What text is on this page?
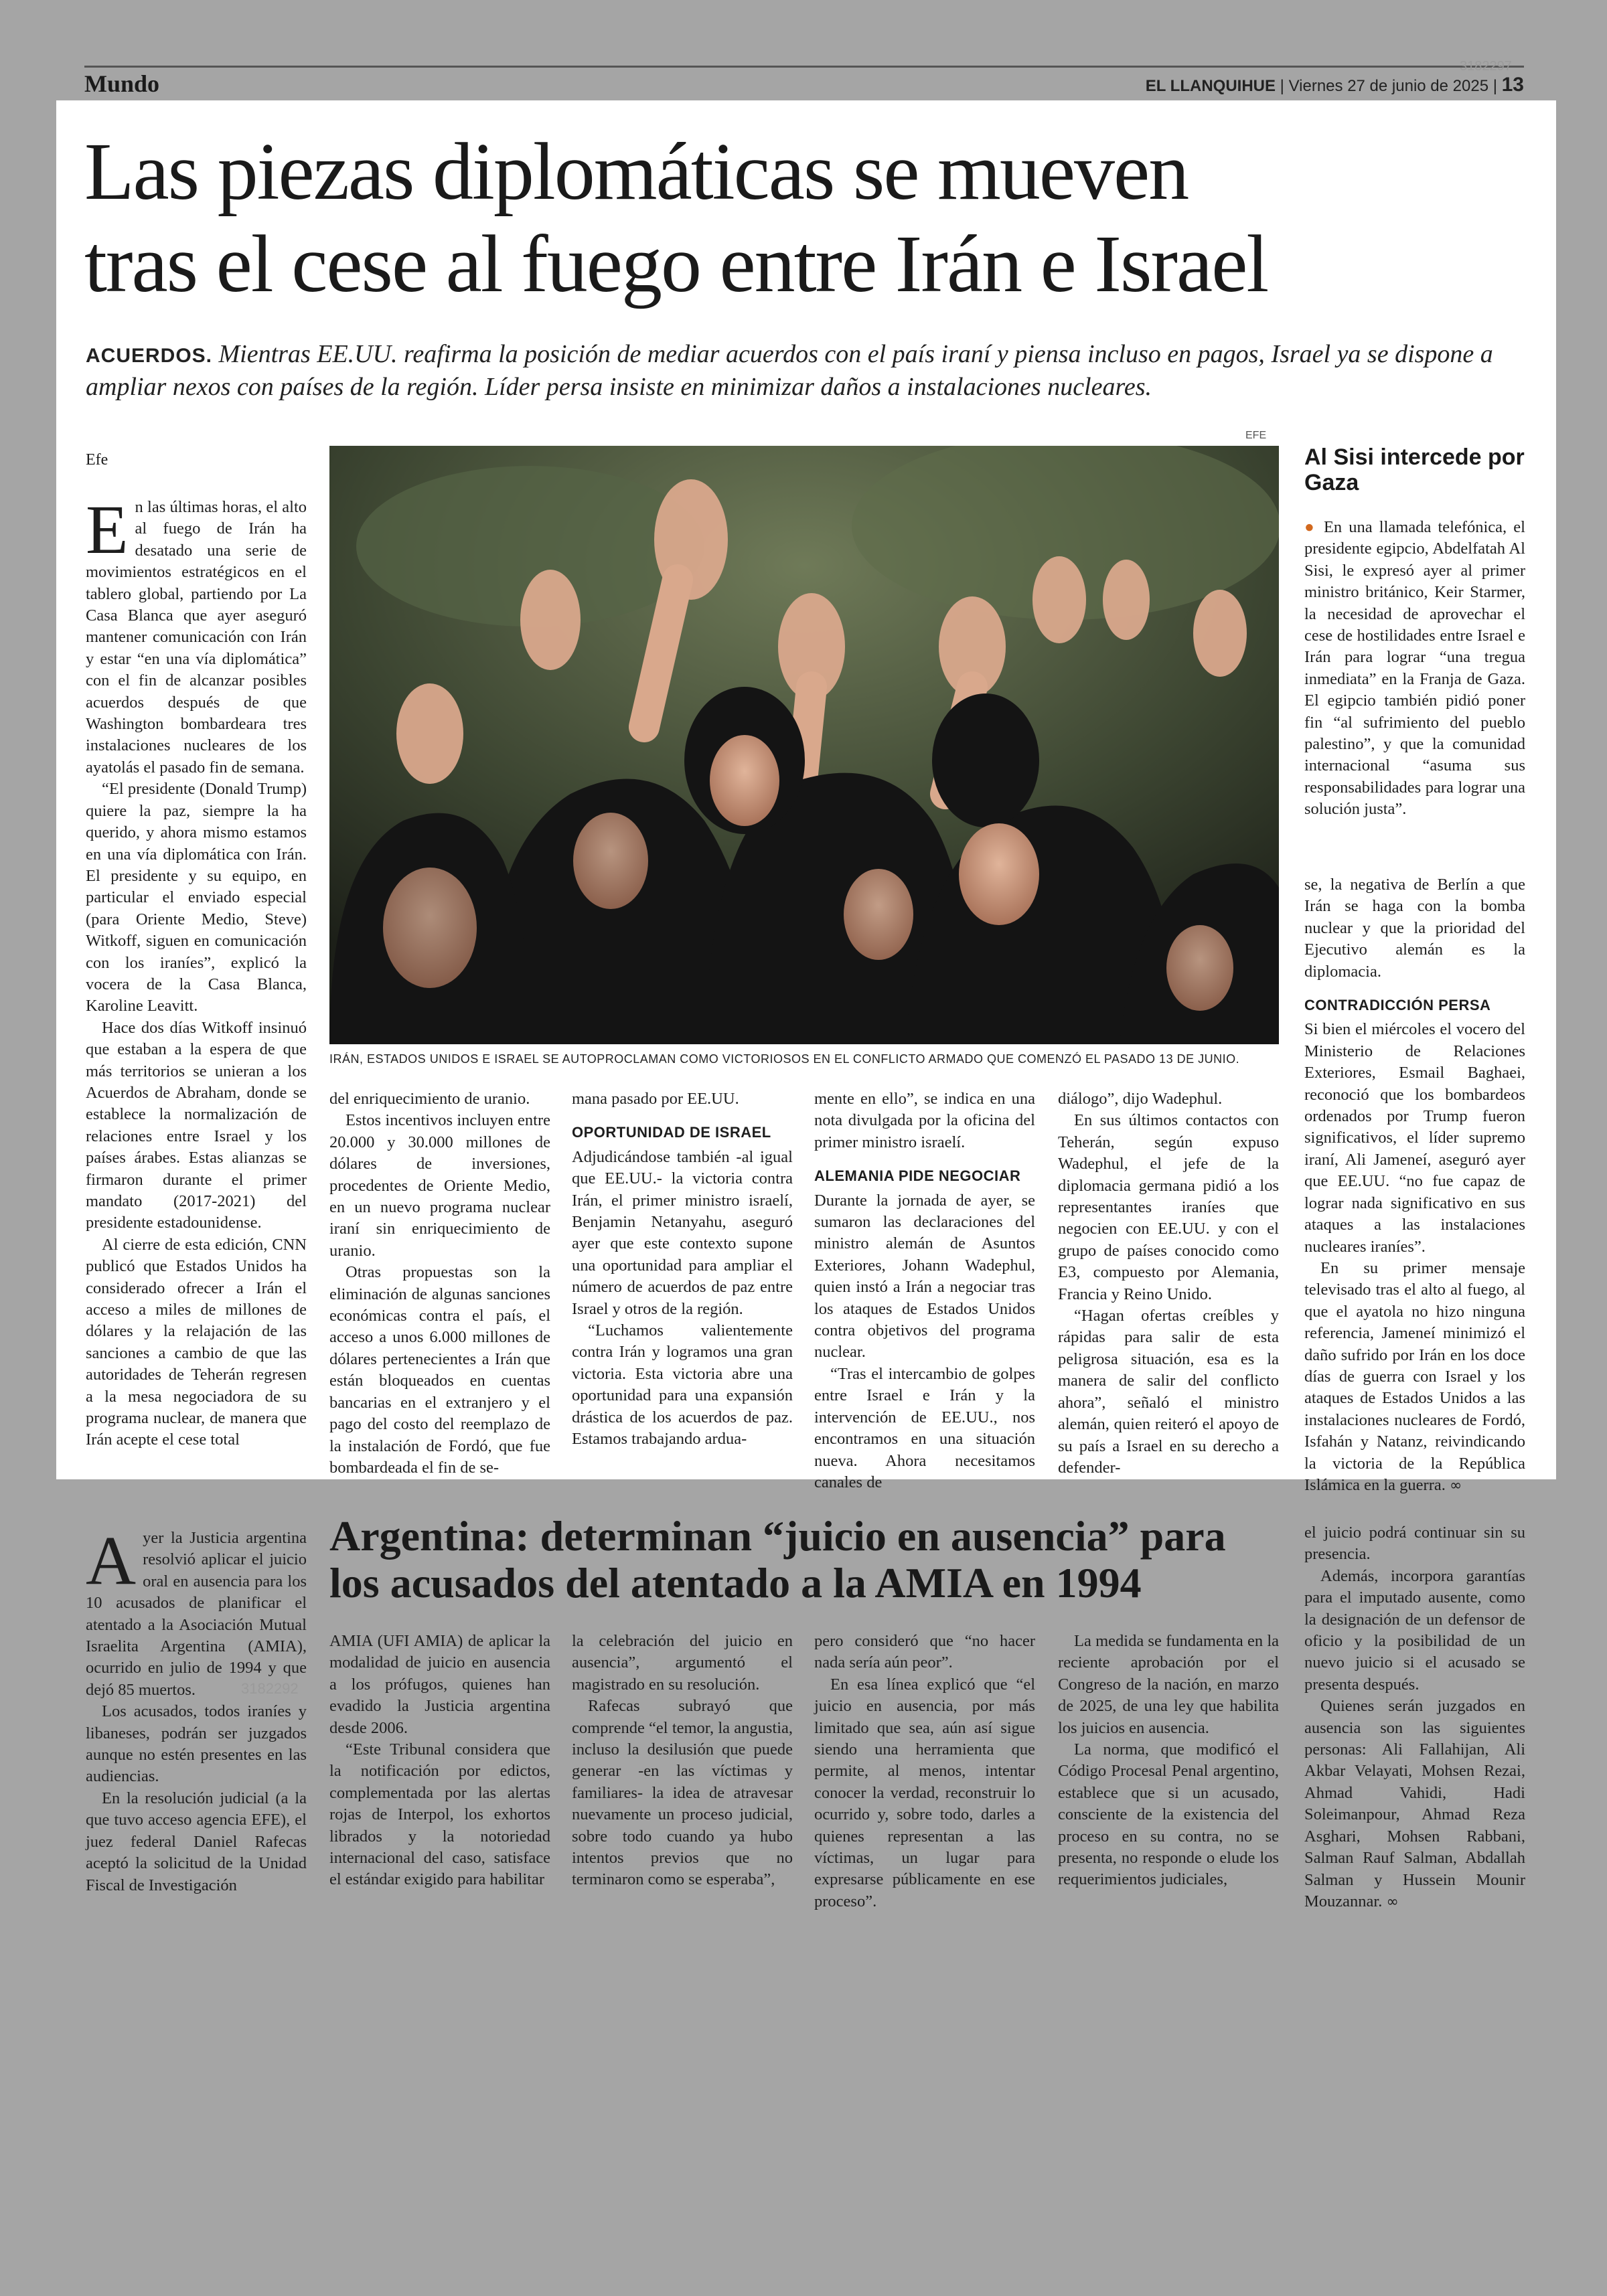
Mundo
3182297
EL LLANQUIHUE | Viernes 27 de junio de 2025 | 13
Las piezas diplomáticas se mueven
tras el cese al fuego entre Irán e Israel
ACUERDOS. Mientras EE.UU. reafirma la posición de mediar acuerdos con el país iraní y piensa incluso en pagos, Israel ya se dispone a ampliar nexos con países de la región. Líder persa insiste en minimizar daños a instalaciones nucleares.
Efe

En las últimas horas, el alto al fuego de Irán ha desatado una serie de movimientos estratégicos en el tablero global, partiendo por La Casa Blanca que ayer aseguró mantener comunicación con Irán y estar “en una vía diplomática” con el fin de alcanzar posibles acuerdos después de que Washington bombardeara tres instalaciones nucleares de los ayatolás el pasado fin de semana.

“El presidente (Donald Trump) quiere la paz, siempre la ha querido, y ahora mismo estamos en una vía diplomática con Irán. El presidente y su equipo, en particular el enviado especial (para Oriente Medio, Steve) Witkoff, siguen en comunicación con los iraníes”, explicó la vocera de la Casa Blanca, Karoline Leavitt.

Hace dos días Witkoff insinuó que estaban a la espera de que más territorios se unieran a los Acuerdos de Abraham, donde se establece la normalización de relaciones entre Israel y los países árabes. Estas alianzas se firmaron durante el primer mandato (2017-2021) del presidente estadounidense.

Al cierre de esta edición, CNN publicó que Estados Unidos ha considerado ofrecer a Irán el acceso a miles de millones de dólares y la relajación de las sanciones a cambio de que las autoridades de Teherán regresen a la mesa negociadora de su programa nuclear, de manera que Irán acepte el cese total

EFE
IRÁN, ESTADOS UNIDOS E ISRAEL SE AUTOPROCLAMAN COMO VICTORIOSOS EN EL CONFLICTO ARMADO QUE COMENZÓ EL PASADO 13 DE JUNIO.

del enriquecimiento de uranio.

Estos incentivos incluyen entre 20.000 y 30.000 millones de dólares de inversiones, procedentes de Oriente Medio, en un nuevo programa nuclear iraní sin enriquecimiento de uranio.

Otras propuestas son la eliminación de algunas sanciones económicas contra el país, el acceso a unos 6.000 millones de dólares pertenecientes a Irán que están bloqueados en cuentas bancarias en el extranjero y el pago del costo del reemplazo de la instalación de Fordó, que fue bombardeada el fin de se-

mana pasado por EE.UU.

OPORTUNIDAD DE ISRAEL

Adjudicándose también -al igual que EE.UU.- la victoria contra Irán, el primer ministro israelí, Benjamin Netanyahu, aseguró ayer que este contexto supone una oportunidad para ampliar el número de acuerdos de paz entre Israel y otros de la región.

“Luchamos valientemente contra Irán y logramos una gran victoria. Esta victoria abre una oportunidad para una expansión drástica de los acuerdos de paz. Estamos trabajando ardua-

mente en ello”, se indica en una nota divulgada por la oficina del primer ministro israelí.

ALEMANIA PIDE NEGOCIAR

Durante la jornada de ayer, se sumaron las declaraciones del ministro alemán de Asuntos Exteriores, Johann Wadephul, quien instó a Irán a negociar tras los ataques de Estados Unidos contra objetivos del programa nuclear.

“Tras el intercambio de golpes entre Israel e Irán y la intervención de EE.UU., nos encontramos en una situación nueva. Ahora necesitamos canales de

diálogo”, dijo Wadephul.

En sus últimos contactos con Teherán, según expuso Wadephul, el jefe de la diplomacia germana pidió a los representantes iraníes que negocien con EE.UU. y con el grupo de países conocido como E3, compuesto por Alemania, Francia y Reino Unido.

“Hagan ofertas creíbles y rápidas para salir de esta peligrosa situación, esa es la manera de salir del conflicto ahora”, señaló el ministro alemán, quien reiteró el apoyo de su país a Israel en su derecho a defender-

Al Sisi intercede por Gaza

● En una llamada telefónica, el presidente egipcio, Abdelfatah Al Sisi, le expresó ayer al primer ministro británico, Keir Starmer, la necesidad de aprovechar el cese de hostilidades entre Israel e Irán para lograr “una tregua inmediata” en la Franja de Gaza. El egipcio también pidió poner fin “al sufrimiento del pueblo palestino”, y que la comunidad internacional “asuma sus responsabilidades para lograr una solución justa”.

se, la negativa de Berlín a que Irán se haga con la bomba nuclear y que la prioridad del Ejecutivo alemán es la diplomacia.

CONTRADICCIÓN PERSA

Si bien el miércoles el vocero del Ministerio de Relaciones Exteriores, Esmail Baghaei, reconoció que los bombardeos ordenados por Trump fueron significativos, el líder supremo iraní, Ali Jameneí, aseguró ayer que EE.UU. “no fue capaz de lograr nada significativo en sus ataques a las instalaciones nucleares iraníes”.

En su primer mensaje televisado tras el alto al fuego, al que el ayatola no hizo ninguna referencia, Jameneí minimizó el daño sufrido por Irán en los doce días de guerra con Israel y los ataques de Estados Unidos a las instalaciones nucleares de Fordó, Isfahán y Natanz, reivindicando la victoria de la República Islámica en la guerra. ∞

Ayer la Justicia argentina resolvió aplicar el juicio oral en ausencia para los 10 acusados de planificar el atentado a la Asociación Mutual Israelita Argentina (AMIA), ocurrido en julio de 1994 y que dejó 85 muertos.

Los acusados, todos iraníes y libaneses, podrán ser juzgados aunque no estén presentes en las audiencias.

En la resolución judicial (a la que tuvo acceso agencia EFE), el juez federal Daniel Rafecas aceptó la solicitud de la Unidad Fiscal de Investigación

Argentina: determinan “juicio en ausencia” para
los acusados del atentado a la AMIA en 1994
3182292

AMIA (UFI AMIA) de aplicar la modalidad de juicio en ausencia a los prófugos, quienes han evadido la Justicia argentina desde 2006.

“Este Tribunal considera que la notificación por edictos, complementada por las alertas rojas de Interpol, los exhortos librados y la notoriedad internacional del caso, satisface el estándar exigido para habilitar

la celebración del juicio en ausencia”, argumentó el magistrado en su resolución.

Rafecas subrayó que comprende “el temor, la angustia, incluso la desilusión que puede generar -en las víctimas y familiares- la idea de atravesar nuevamente un proceso judicial, sobre todo cuando ya hubo intentos previos que no terminaron como se esperaba”,

pero consideró que “no hacer nada sería aún peor”.

En esa línea explicó que “el juicio en ausencia, por más limitado que sea, aún así sigue siendo una herramienta que permite, al menos, intentar conocer la verdad, reconstruir lo ocurrido y, sobre todo, darles a quienes representan a las víctimas, un lugar para expresarse públicamente en ese proceso”.

La medida se fundamenta en la reciente aprobación por el Congreso de la nación, en marzo de 2025, de una ley que habilita los juicios en ausencia.

La norma, que modificó el Código Procesal Penal argentino, establece que si un acusado, consciente de la existencia del proceso en su contra, no se presenta, no responde o elude los requerimientos judiciales,

el juicio podrá continuar sin su presencia.

Además, incorpora garantías para el imputado ausente, como la designación de un defensor de oficio y la posibilidad de un nuevo juicio si el acusado se presenta después.

Quienes serán juzgados en ausencia son las siguientes personas: Ali Fallahijan, Ali Akbar Velayati, Mohsen Rezai, Ahmad Vahidi, Hadi Soleimanpour, Ahmad Reza Asghari, Mohsen Rabbani, Salman Rauf Salman, Abdallah Salman y Hussein Mounir Mouzannar. ∞
